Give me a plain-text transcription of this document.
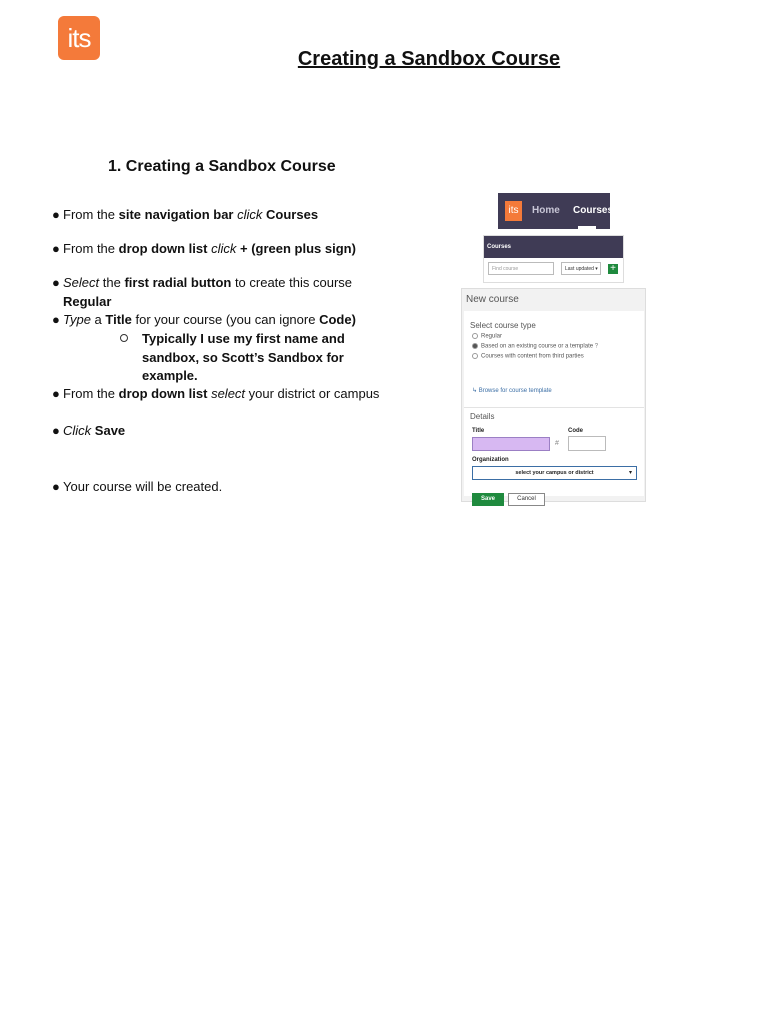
its
Creating a Sandbox Course
1. Creating a Sandbox Course
● From the site navigation bar click Courses
● From the drop down list click + (green plus sign)
● Select the first radial button to create this course Regular
● Type a Title for your course (you can ignore Code)
Typically I use my first name and sandbox, so Scott’s Sandbox for example.
● From the drop down list select your district or campus
● Click Save
● Your course will be created.
its	Home Courses
Courses
Find course	Last updated ▾	+
New course
Select course type
Regular
Based on an existing course or a template ?
Courses with content from third parties
↳ Browse for course template
Details
Title	Code
#
Organization
select your campus or district	▾
Save	Cancel
